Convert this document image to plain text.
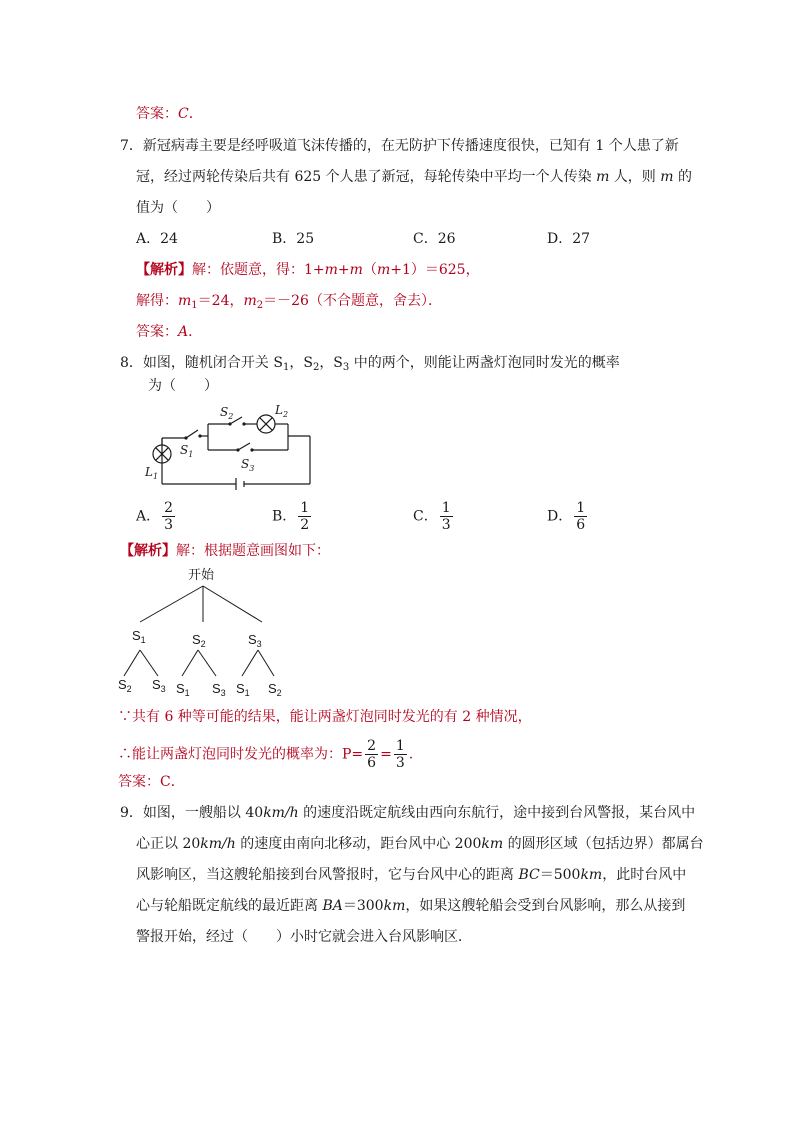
答案：C．
7．新冠病毒主要是经呼吸道飞沫传播的，在无防护下传播速度很快，已知有 1 个人患了新
冠，经过两轮传染后共有 625 个人患了新冠，每轮传染中平均一个人传染 m 人，则 m 的
值为（　　）
A．24	B．25	C．26	D．27
【解析】解：依题意，得：1+m+m（m+1）＝625，
解得：$m_1=24$，$m_2=-26$（不合题意，舍去）．
答案：A．
8．如图，随机闭合开关 $S_1$，$S_2$，$S_3$ 中的两个，则能让两盏灯泡同时发光的概率
为（　　）
$S_1$
$S_2$	$L_2$
$S_3$
$L_1$
A． $\frac{2}{3}$	B． $\frac{1}{2}$	C． $\frac{1}{3}$	D． $\frac{1}{6}$
【解析】解：根据题意画图如下：
开始
$S_1$	$S_2$	$S_3$
$S_2$ $S_3$ $S_1$ $S_3$ $S_1$ $S_2$
∵共有 6 种等可能的结果，能让两盏灯泡同时发光的有 2 种情况，
∴能让两盏灯泡同时发光的概率为：$P= \frac{2}{6} = \frac{1}{3}$ .
答案：C．
9．如图，一艘船以 40km/h 的速度沿既定航线由西向东航行，途中接到台风警报，某台风中
心正以 20km/h 的速度由南向北移动，距台风中心 200km 的圆形区域（包括边界）都属台
风影响区，当这艘轮船接到台风警报时，它与台风中心的距离 BC＝500km，此时台风中
心与轮船既定航线的最近距离 BA＝300km，如果这艘轮船会受到台风影响，那么从接到
警报开始，经过（　　）小时它就会进入台风影响区．
